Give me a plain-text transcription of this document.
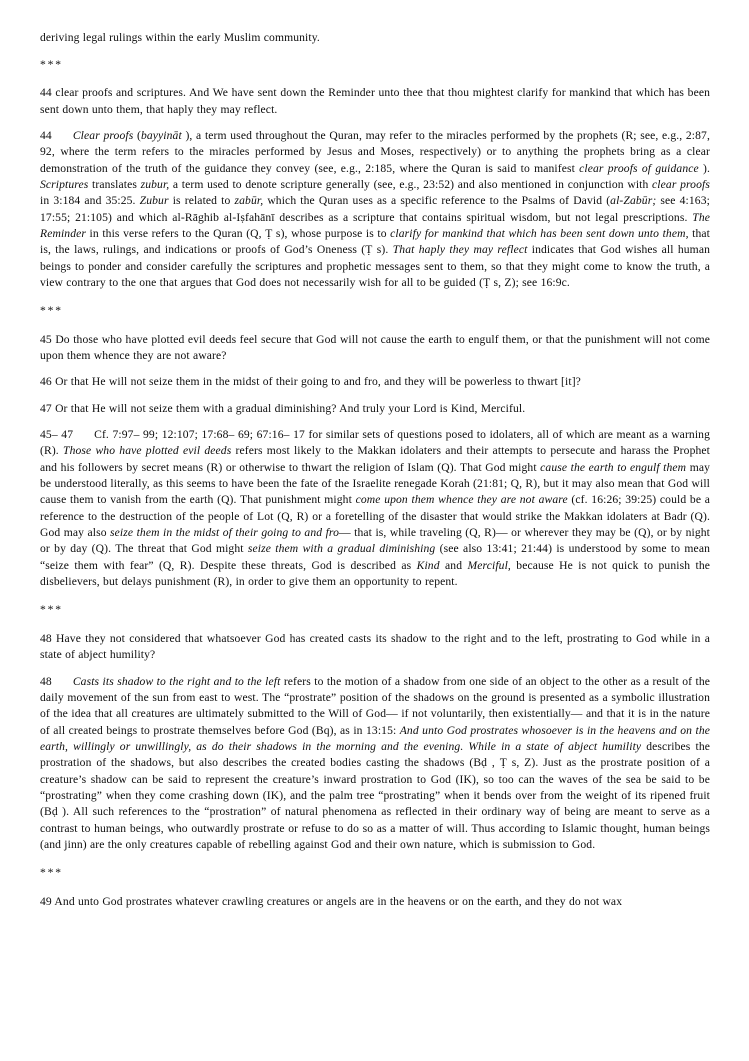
deriving legal rulings within the early Muslim community.

***

44 clear proofs and scriptures. And We have sent down the Reminder unto thee that thou mightest clarify for mankind that which has been sent down unto them, that haply they may reflect.

44 Clear proofs (bayyināt ), a term used throughout the Quran, may refer to the miracles performed by the prophets (R; see, e.g., 2:87, 92, where the term refers to the miracles performed by Jesus and Moses, respectively) or to anything the prophets bring as a clear demonstration of the truth of the guidance they convey (see, e.g., 2:185, where the Quran is said to manifest clear proofs of guidance ). Scriptures translates zubur, a term used to denote scripture generally (see, e.g., 23:52) and also mentioned in conjunction with clear proofs in 3:184 and 35:25. Zubur is related to zabūr, which the Quran uses as a specific reference to the Psalms of David (al-Zabūr; see 4:163; 17:55; 21:105) and which al-Rāghib al-Iṣfahānī describes as a scripture that contains spiritual wisdom, but not legal prescriptions. The Reminder in this verse refers to the Quran (Q, Ṭ s), whose purpose is to clarify for mankind that which has been sent down unto them, that is, the laws, rulings, and indications or proofs of God’s Oneness (Ṭ s). That haply they may reflect indicates that God wishes all human beings to ponder and consider carefully the scriptures and prophetic messages sent to them, so that they might come to know the truth, a view contrary to the one that argues that God does not necessarily wish for all to be guided (Ṭ s, Z); see 16:9c.

***

45 Do those who have plotted evil deeds feel secure that God will not cause the earth to engulf them, or that the punishment will not come upon them whence they are not aware?

46 Or that He will not seize them in the midst of their going to and fro, and they will be powerless to thwart [it]?

47 Or that He will not seize them with a gradual diminishing? And truly your Lord is Kind, Merciful.

45– 47 Cf. 7:97– 99; 12:107; 17:68– 69; 67:16– 17 for similar sets of questions posed to idolaters, all of which are meant as a warning (R). Those who have plotted evil deeds refers most likely to the Makkan idolaters and their attempts to persecute and harass the Prophet and his followers by secret means (R) or otherwise to thwart the religion of Islam (Q). That God might cause the earth to engulf them may be understood literally, as this seems to have been the fate of the Israelite renegade Korah (21:81; Q, R), but it may also mean that God will cause them to vanish from the earth (Q). That punishment might come upon them whence they are not aware (cf. 16:26; 39:25) could be a reference to the destruction of the people of Lot (Q, R) or a foretelling of the disaster that would strike the Makkan idolaters at Badr (Q). God may also seize them in the midst of their going to and fro— that is, while traveling (Q, R)— or wherever they may be (Q), or by night or by day (Q). The threat that God might seize them with a gradual diminishing (see also 13:41; 21:44) is understood by some to mean “seize them with fear” (Q, R). Despite these threats, God is described as Kind and Merciful, because He is not quick to punish the disbelievers, but delays punishment (R), in order to give them an opportunity to repent.

***

48 Have they not considered that whatsoever God has created casts its shadow to the right and to the left, prostrating to God while in a state of abject humility?

48 Casts its shadow to the right and to the left refers to the motion of a shadow from one side of an object to the other as a result of the daily movement of the sun from east to west. The “prostrate” position of the shadows on the ground is presented as a symbolic illustration of the idea that all creatures are ultimately submitted to the Will of God— if not voluntarily, then existentially— and that it is in the nature of all created beings to prostrate themselves before God (Bq), as in 13:15: And unto God prostrates whosoever is in the heavens and on the earth, willingly or unwillingly, as do their shadows in the morning and the evening. While in a state of abject humility describes the prostration of the shadows, but also describes the created bodies casting the shadows (Bḍ , Ṭ s, Z). Just as the prostrate position of a creature’s shadow can be said to represent the creature’s inward prostration to God (IK), so too can the waves of the sea be said to be “prostrating” when they come crashing down (IK), and the palm tree “prostrating” when it bends over from the weight of its ripened fruit (Bḍ ). All such references to the “prostration” of natural phenomena as reflected in their ordinary way of being are meant to serve as a contrast to human beings, who outwardly prostrate or refuse to do so as a matter of will. Thus according to Islamic thought, human beings (and jinn) are the only creatures capable of rebelling against God and their own nature, which is submission to God.

***

49 And unto God prostrates whatever crawling creatures or angels are in the heavens or on the earth, and they do not wax
